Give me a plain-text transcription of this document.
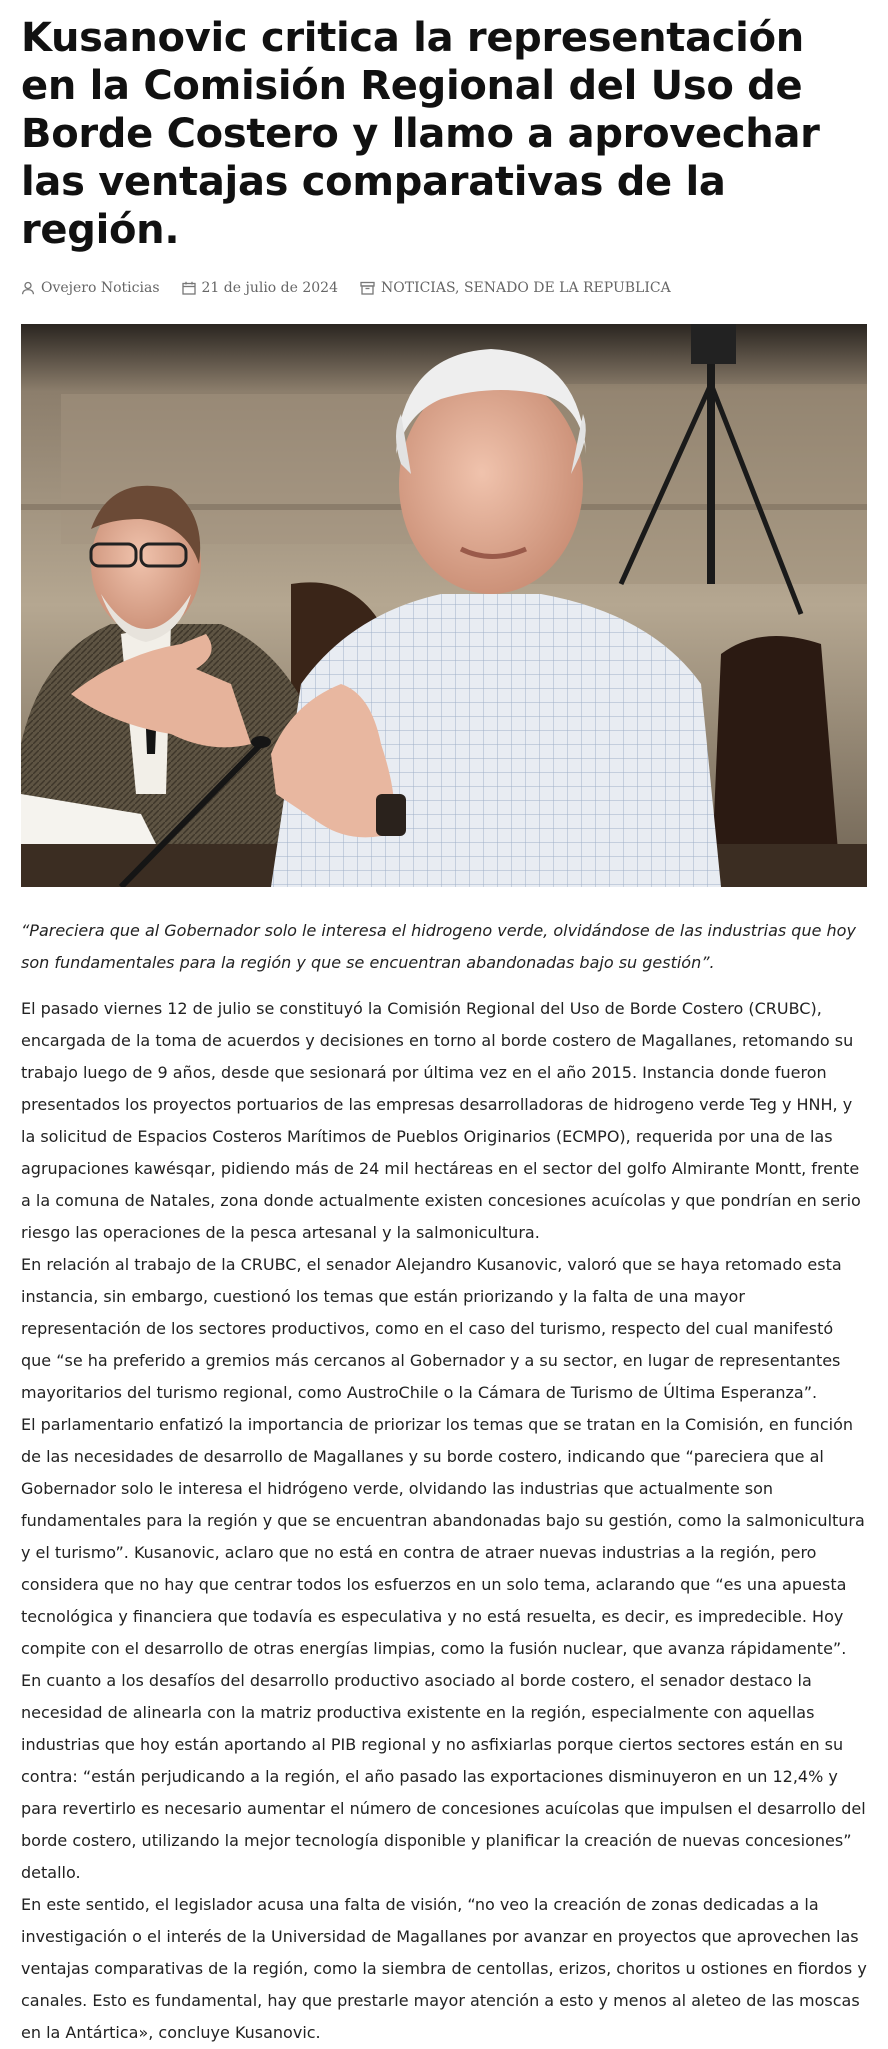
Kusanovic critica la representación en la Comisión Regional del Uso de Borde Costero y llamo a aprovechar las ventajas comparativas de la región.
Ovejero Noticias	21 de julio de 2024	NOTICIAS, SENADO DE LA REPUBLICA
“Pareciera que al Gobernador solo le interesa el hidrogeno verde, olvidándose de las industrias que hoy son fundamentales para la región y que se encuentran abandonadas bajo su gestión”.

El pasado viernes 12 de julio se constituyó la Comisión Regional del Uso de Borde Costero (CRUBC), encargada de la toma de acuerdos y decisiones en torno al borde costero de Magallanes, retomando su trabajo luego de 9 años, desde que sesionará por última vez en el año 2015. Instancia donde fueron presentados los proyectos portuarios de las empresas desarrolladoras de hidrogeno verde Teg y HNH, y la solicitud de Espacios Costeros Marítimos de Pueblos Originarios (ECMPO), requerida por una de las agrupaciones kawésqar, pidiendo más de 24 mil hectáreas en el sector del golfo Almirante Montt, frente a la comuna de Natales, zona donde actualmente existen concesiones acuícolas y que pondrían en serio riesgo las operaciones de la pesca artesanal y la salmonicultura.

En relación al trabajo de la CRUBC, el senador Alejandro Kusanovic, valoró que se haya retomado esta instancia, sin embargo, cuestionó los temas que están priorizando y la falta de una mayor representación de los sectores productivos, como en el caso del turismo, respecto del cual manifestó que “se ha preferido a gremios más cercanos al Gobernador y a su sector, en lugar de representantes mayoritarios del turismo regional, como AustroChile o la Cámara de Turismo de Última Esperanza”.

El parlamentario enfatizó la importancia de priorizar los temas que se tratan en la Comisión, en función de las necesidades de desarrollo de Magallanes y su borde costero, indicando que “pareciera que al Gobernador solo le interesa el hidrógeno verde, olvidando las industrias que actualmente son fundamentales para la región y que se encuentran abandonadas bajo su gestión, como la salmonicultura y el turismo”. Kusanovic, aclaro que no está en contra de atraer nuevas industrias a la región, pero considera que no hay que centrar todos los esfuerzos en un solo tema, aclarando que “es una apuesta tecnológica y financiera que todavía es especulativa y no está resuelta, es decir, es impredecible. Hoy compite con el desarrollo de otras energías limpias, como la fusión nuclear, que avanza rápidamente”.

En cuanto a los desafíos del desarrollo productivo asociado al borde costero, el senador destaco la necesidad de alinearla con la matriz productiva existente en la región, especialmente con aquellas industrias que hoy están aportando al PIB regional y no asfixiarlas porque ciertos sectores están en su contra: “están perjudicando a la región, el año pasado las exportaciones disminuyeron en un 12,4% y para revertirlo es necesario aumentar el número de concesiones acuícolas que impulsen el desarrollo del borde costero, utilizando la mejor tecnología disponible y planificar la creación de nuevas concesiones” detallo.

En este sentido, el legislador acusa una falta de visión, “no veo la creación de zonas dedicadas a la investigación o el interés de la Universidad de Magallanes por avanzar en proyectos que aprovechen las ventajas comparativas de la región, como la siembra de centollas, erizos, choritos u ostiones en fiordos y canales. Esto es fundamental, hay que prestarle mayor atención a esto y menos al aleteo de las moscas en la Antártica», concluye Kusanovic.
